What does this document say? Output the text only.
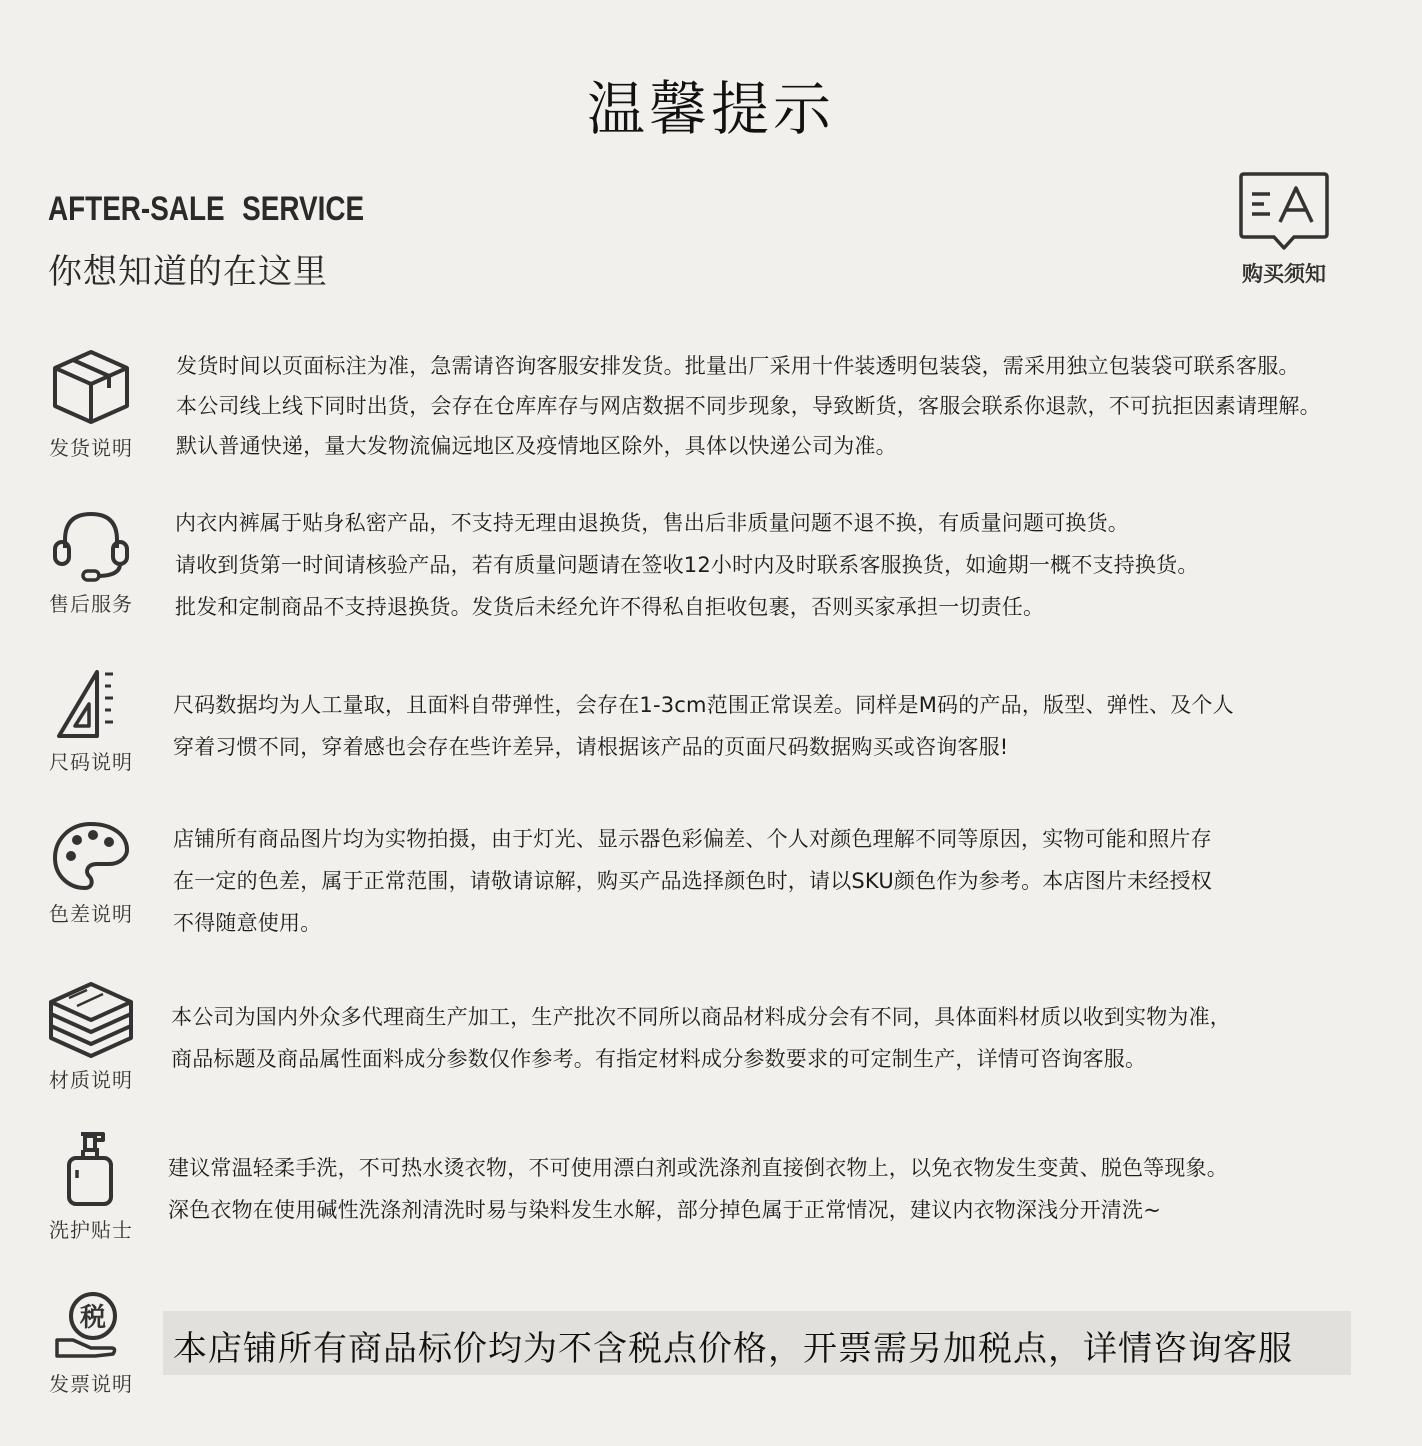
温馨提示
AFTER-SALE SERVICE
你想知道的在这里	购买须知
发货说明
发货时间以页面标注为准，急需请咨询客服安排发货。批量出厂采用十件装透明包装袋，需采用独立包装袋可联系客服。
本公司线上线下同时出货，会存在仓库库存与网店数据不同步现象，导致断货，客服会联系你退款，不可抗拒因素请理解。
默认普通快递，量大发物流偏远地区及疫情地区除外，具体以快递公司为准。
售后服务
内衣内裤属于贴身私密产品，不支持无理由退换货，售出后非质量问题不退不换，有质量问题可换货。
请收到货第一时间请核验产品，若有质量问题请在签收12小时内及时联系客服换货，如逾期一概不支持换货。
批发和定制商品不支持退换货。发货后未经允许不得私自拒收包裹，否则买家承担一切责任。
尺码说明
尺码数据均为人工量取，且面料自带弹性，会存在1-3cm范围正常误差。同样是M码的产品，版型、弹性、及个人
穿着习惯不同，穿着感也会存在些许差异，请根据该产品的页面尺码数据购买或咨询客服!
色差说明
店铺所有商品图片均为实物拍摄，由于灯光、显示器色彩偏差、个人对颜色理解不同等原因，实物可能和照片存
在一定的色差，属于正常范围，请敬请谅解，购买产品选择颜色时，请以SKU颜色作为参考。本店图片未经授权
不得随意使用。
材质说明
本公司为国内外众多代理商生产加工，生产批次不同所以商品材料成分会有不同，具体面料材质以收到实物为准，
商品标题及商品属性面料成分参数仅作参考。有指定材料成分参数要求的可定制生产，详情可咨询客服。
洗护贴士
建议常温轻柔手洗，不可热水烫衣物，不可使用漂白剂或洗涤剂直接倒衣物上，以免衣物发生变黄、脱色等现象。
深色衣物在使用碱性洗涤剂清洗时易与染料发生水解，部分掉色属于正常情况，建议内衣物深浅分开清洗~
税
发票说明
本店铺所有商品标价均为不含税点价格，开票需另加税点，详情咨询客服
